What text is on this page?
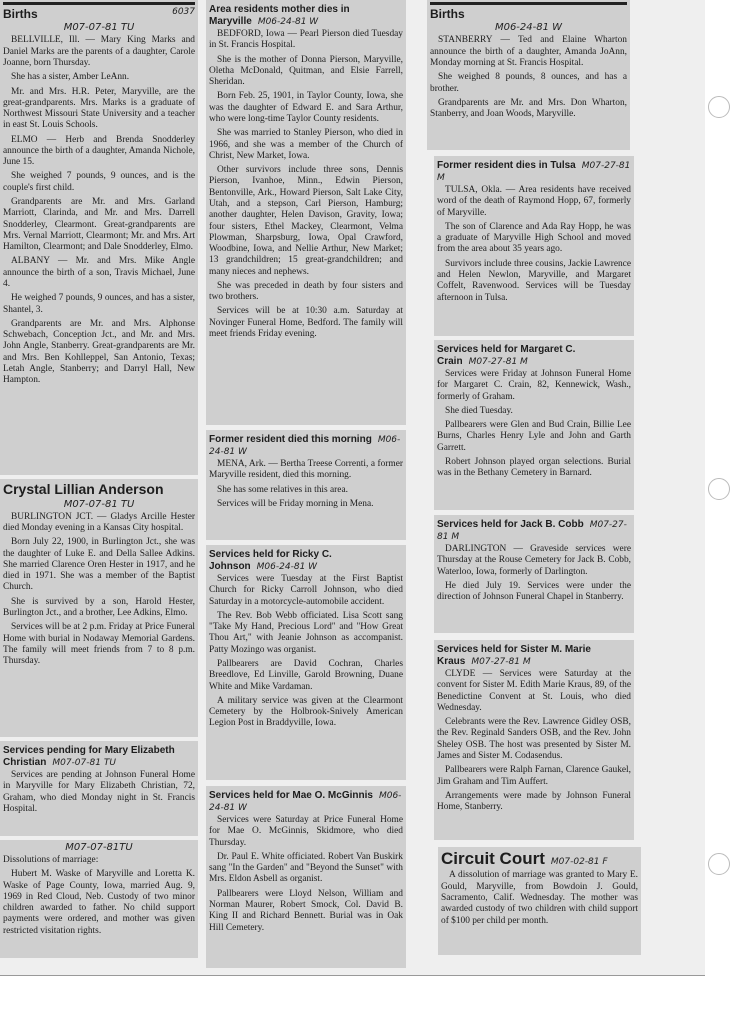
Births	6037
M07-07-81 TU

BELLVILLE, Ill. — Mary King Marks and Daniel Marks are the parents of a daughter, Carole Joanne, born Thursday.

She has a sister, Amber LeAnn.

Mr. and Mrs. H.R. Peter, Maryville, are the great-grandparents. Mrs. Marks is a graduate of Northwest Missouri State University and a teacher in east St. Louis Schools.

ELMO — Herb and Brenda Snodderley announce the birth of a daughter, Amanda Nichole, June 15.

She weighed 7 pounds, 9 ounces, and is the couple's first child.

Grandparents are Mr. and Mrs. Garland Marriott, Clarinda, and Mr. and Mrs. Darrell Snodderley, Clearmont. Great-grandparents are Mrs. Vernal Marriott, Clearmont; Mr. and Mrs. Art Hamilton, Clearmont; and Dale Snodderley, Elmo.

ALBANY — Mr. and Mrs. Mike Angle announce the birth of a son, Travis Michael, June 4.

He weighed 7 pounds, 9 ounces, and has a sister, Shantel, 3.

Grandparents are Mr. and Mrs. Alphonse Schwebach, Conception Jct., and Mr. and Mrs. John Angle, Stanberry. Great-grandparents are Mr. and Mrs. Ben Kohlleppel, San Antonio, Texas; Letah Angle, Stanberry; and Darryl Hall, New Hampton.

Crystal Lillian Anderson
M07-07-81 TU

BURLINGTON JCT. — Gladys Arcille Hester died Monday evening in a Kansas City hospital.

Born July 22, 1900, in Burlington Jct., she was the daughter of Luke E. and Della Sallee Adkins. She married Clarence Oren Hester in 1917, and he died in 1971. She was a member of the Baptist Church.

She is survived by a son, Harold Hester, Burlington Jct., and a brother, Lee Adkins, Elmo.

Services will be at 2 p.m. Friday at Price Funeral Home with burial in Nodaway Memorial Gardens. The family will meet friends from 7 to 8 p.m. Thursday.

Services pending for Mary Elizabeth Christian M07-07-81 TU

Services are pending at Johnson Funeral Home in Maryville for Mary Elizabeth Christian, 72, Graham, who died Monday night in St. Francis Hospital.

M07-07-81TU

Dissolutions of marriage:

Hubert M. Waske of Maryville and Loretta K. Waske of Page County, Iowa, married Aug. 9, 1969 in Red Cloud, Neb. Custody of two minor children awarded to father. No child support payments were ordered, and mother was given restricted visitation rights.

Area residents mother dies in Maryville M06-24-81 W

BEDFORD, Iowa — Pearl Pierson died Tuesday in St. Francis Hospital.

She is the mother of Donna Pierson, Maryville, Oletha McDonald, Quitman, and Elsie Farrell, Sheridan.

Born Feb. 25, 1901, in Taylor County, Iowa, she was the daughter of Edward E. and Sara Arthur, who were long-time Taylor County residents.

She was married to Stanley Pierson, who died in 1966, and she was a member of the Church of Christ, New Market, Iowa.

Other survivors include three sons, Dennis Pierson, Ivanhoe, Minn., Edwin Pierson, Bentonville, Ark., Howard Pierson, Salt Lake City, Utah, and a stepson, Carl Pierson, Hamburg; another daughter, Helen Davison, Gravity, Iowa; four sisters, Ethel Mackey, Clearmont, Velma Plowman, Sharpsburg, Iowa, Opal Crawford, Woodbine, Iowa, and Nellie Arthur, New Market; 13 grandchildren; 15 great-grandchildren; and many nieces and nephews.

She was preceded in death by four sisters and two brothers.

Services will be at 10:30 a.m. Saturday at Novinger Funeral Home, Bedford. The family will meet friends Friday evening.

Former resident died this morning M06-24-81 W

MENA, Ark. — Bertha Treese Correnti, a former Maryville resident, died this morning.

She has some relatives in this area.

Services will be Friday morning in Mena.

Services held for Ricky C. Johnson M06-24-81 W

Services were Tuesday at the First Baptist Church for Ricky Carroll Johnson, who died Saturday in a motorcycle-automobile accident.

The Rev. Bob Webb officiated. Lisa Scott sang "Take My Hand, Precious Lord" and "How Great Thou Art," with Jeanie Johnson as accompanist. Patty Mozingo was organist.

Pallbearers are David Cochran, Charles Breedlove, Ed Linville, Garold Browning, Duane White and Mike Vardaman.

A military service was given at the Clearmont Cemetery by the Holbrook-Snively American Legion Post in Braddyville, Iowa.

Services held for Mae O. McGinnis M06-24-81 W

Services were Saturday at Price Funeral Home for Mae O. McGinnis, Skidmore, who died Thursday.

Dr. Paul E. White officiated. Robert Van Buskirk sang "In the Garden" and "Beyond the Sunset" with Mrs. Eldon Asbell as organist.

Pallbearers were Lloyd Nelson, William and Norman Maurer, Robert Smock, Col. David B. King II and Richard Bennett. Burial was in Oak Hill Cemetery.

Births
M06-24-81 W

STANBERRY — Ted and Elaine Wharton announce the birth of a daughter, Amanda JoAnn, Monday morning at St. Francis Hospital.

She weighed 8 pounds, 8 ounces, and has a brother.

Grandparents are Mr. and Mrs. Don Wharton, Stanberry, and Joan Woods, Maryville.

Former resident dies in Tulsa M07-27-81 M

TULSA, Okla. — Area residents have received word of the death of Raymond Hopp, 67, formerly of Maryville.

The son of Clarence and Ada Ray Hopp, he was a graduate of Maryville High School and moved from the area about 35 years ago.

Survivors include three cousins, Jackie Lawrence and Helen Newlon, Maryville, and Margaret Coffelt, Ravenwood. Services will be Tuesday afternoon in Tulsa.

Services held for Margaret C. Crain M07-27-81 M

Services were Friday at Johnson Funeral Home for Margaret C. Crain, 82, Kennewick, Wash., formerly of Graham.

She died Tuesday.

Pallbearers were Glen and Bud Crain, Billie Lee Burns, Charles Henry Lyle and John and Garth Garrett.

Robert Johnson played organ selections. Burial was in the Bethany Cemetery in Barnard.

Services held for Jack B. Cobb M07-27-81 M

DARLINGTON — Graveside services were Thursday at the Rouse Cemetery for Jack B. Cobb, Waterloo, Iowa, formerly of Darlington.

He died July 19. Services were under the direction of Johnson Funeral Chapel in Stanberry.

Services held for Sister M. Marie Kraus M07-27-81 M

CLYDE — Services were Saturday at the convent for Sister M. Edith Marie Kraus, 89, of the Benedictine Convent at St. Louis, who died Wednesday.

Celebrants were the Rev. Lawrence Gidley OSB, the Rev. Reginald Sanders OSB, and the Rev. John Sheley OSB. The host was presented by Sister M. James and Sister M. Codasendus.

Pallbearers were Ralph Farnan, Clarence Gaukel, Jim Graham and Tim Auffert.

Arrangements were made by Johnson Funeral Home, Stanberry.

Circuit Court M07-02-81 F

A dissolution of marriage was granted to Mary E. Gould, Maryville, from Bowdoin J. Gould, Sacramento, Calif. Wednesday. The mother was awarded custody of two children with child support of $100 per child per month.
